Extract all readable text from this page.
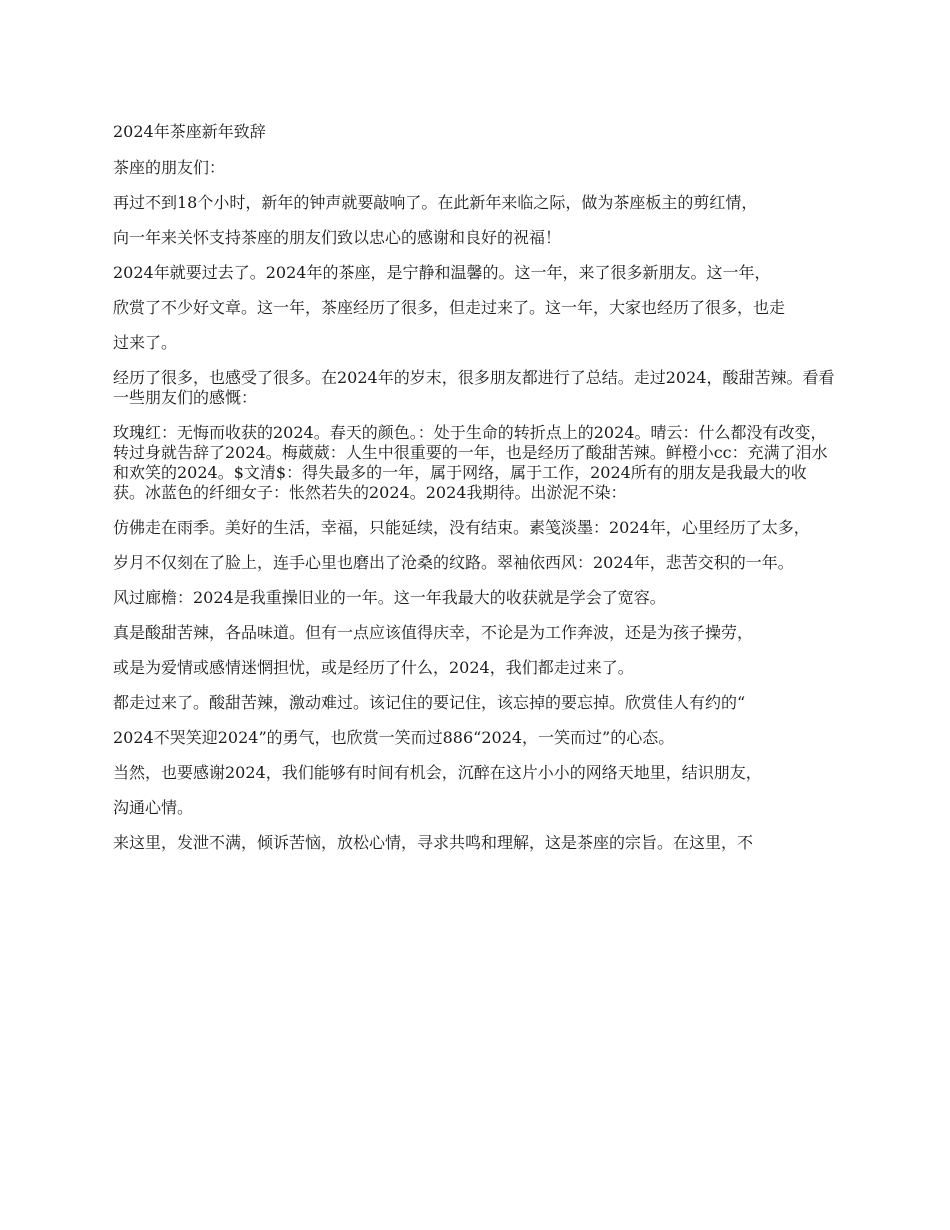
2024年茶座新年致辞

茶座的朋友们：

再过不到18个小时，新年的钟声就要敲响了。在此新年来临之际，做为茶座板主的剪红情，

向一年来关怀支持茶座的朋友们致以忠心的感谢和良好的祝福！

2024年就要过去了。2024年的茶座，是宁静和温馨的。这一年，来了很多新朋友。这一年，

欣赏了不少好文章。这一年，茶座经历了很多，但走过来了。这一年，大家也经历了很多，也走

过来了。

经历了很多，也感受了很多。在2024年的岁末，很多朋友都进行了总结。走过2024，酸甜苦辣。看看一些朋友们的感慨：

玫瑰红：无悔而收获的2024。春天的颜色。：处于生命的转折点上的2024。晴云：什么都没有改变，转过身就告辞了2024。梅葳葳：人生中很重要的一年，也是经历了酸甜苦辣。鲜橙小cc：充满了泪水和欢笑的2024。$文清$：得失最多的一年，属于网络，属于工作，2024所有的朋友是我最大的收获。冰蓝色的纤细女子：怅然若失的2024。2024我期待。出淤泥不染：

仿佛走在雨季。美好的生活，幸福，只能延续，没有结束。素笺淡墨：2024年，心里经历了太多，

岁月不仅刻在了脸上，连手心里也磨出了沧桑的纹路。翠袖依西风：2024年，悲苦交积的一年。

风过廊檐：2024是我重操旧业的一年。这一年我最大的收获就是学会了宽容。

真是酸甜苦辣，各品味道。但有一点应该值得庆幸，不论是为工作奔波，还是为孩子操劳，

或是为爱情或感情迷惘担忧，或是经历了什么，2024，我们都走过来了。

都走过来了。酸甜苦辣，激动难过。该记住的要记住，该忘掉的要忘掉。欣赏佳人有约的“

2024不哭笑迎2024”的勇气，也欣赏一笑而过886“2024，一笑而过”的心态。

当然，也要感谢2024，我们能够有时间有机会，沉醉在这片小小的网络天地里，结识朋友，

沟通心情。

来这里，发泄不满，倾诉苦恼，放松心情，寻求共鸣和理解，这是茶座的宗旨。在这里，不
